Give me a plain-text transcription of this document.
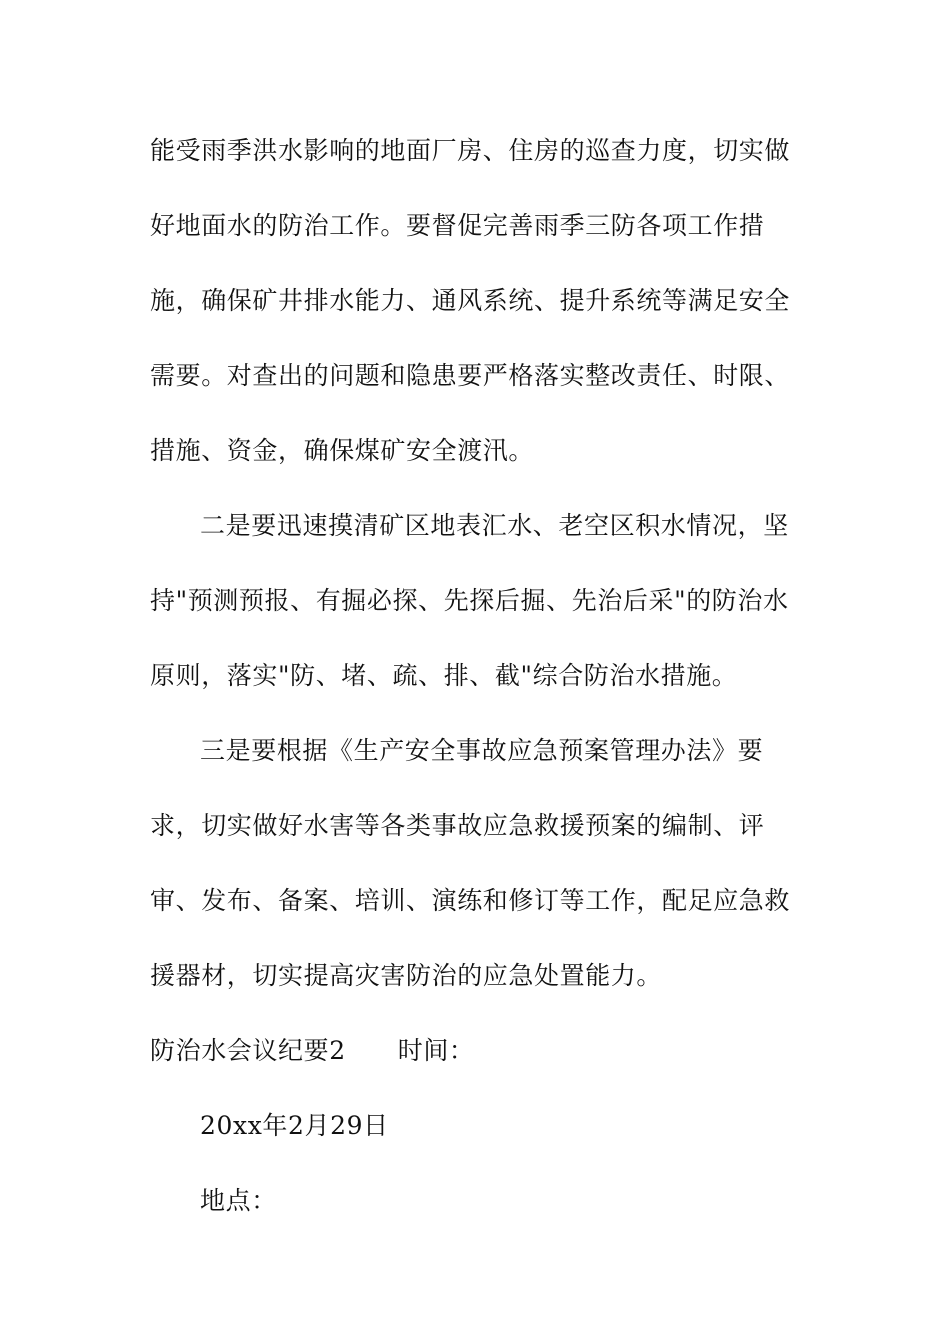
能受雨季洪水影响的地面厂房、住房的巡查力度，切实做
好地面水的防治工作。要督促完善雨季三防各项工作措
施，确保矿井排水能力、通风系统、提升系统等满足安全
需要。对查出的问题和隐患要严格落实整改责任、时限、
措施、资金，确保煤矿安全渡汛。
二是要迅速摸清矿区地表汇水、老空区积水情况，坚
持"预测预报、有掘必探、先探后掘、先治后采"的防治水
原则，落实"防、堵、疏、排、截"综合防治水措施。
三是要根据《生产安全事故应急预案管理办法》要
求，切实做好水害等各类事故应急救援预案的编制、评
审、发布、备案、培训、演练和修订等工作，配足应急救
援器材，切实提高灾害防治的应急处置能力。
防治水会议纪要2 时间：
20xx年2月29日
地点：
